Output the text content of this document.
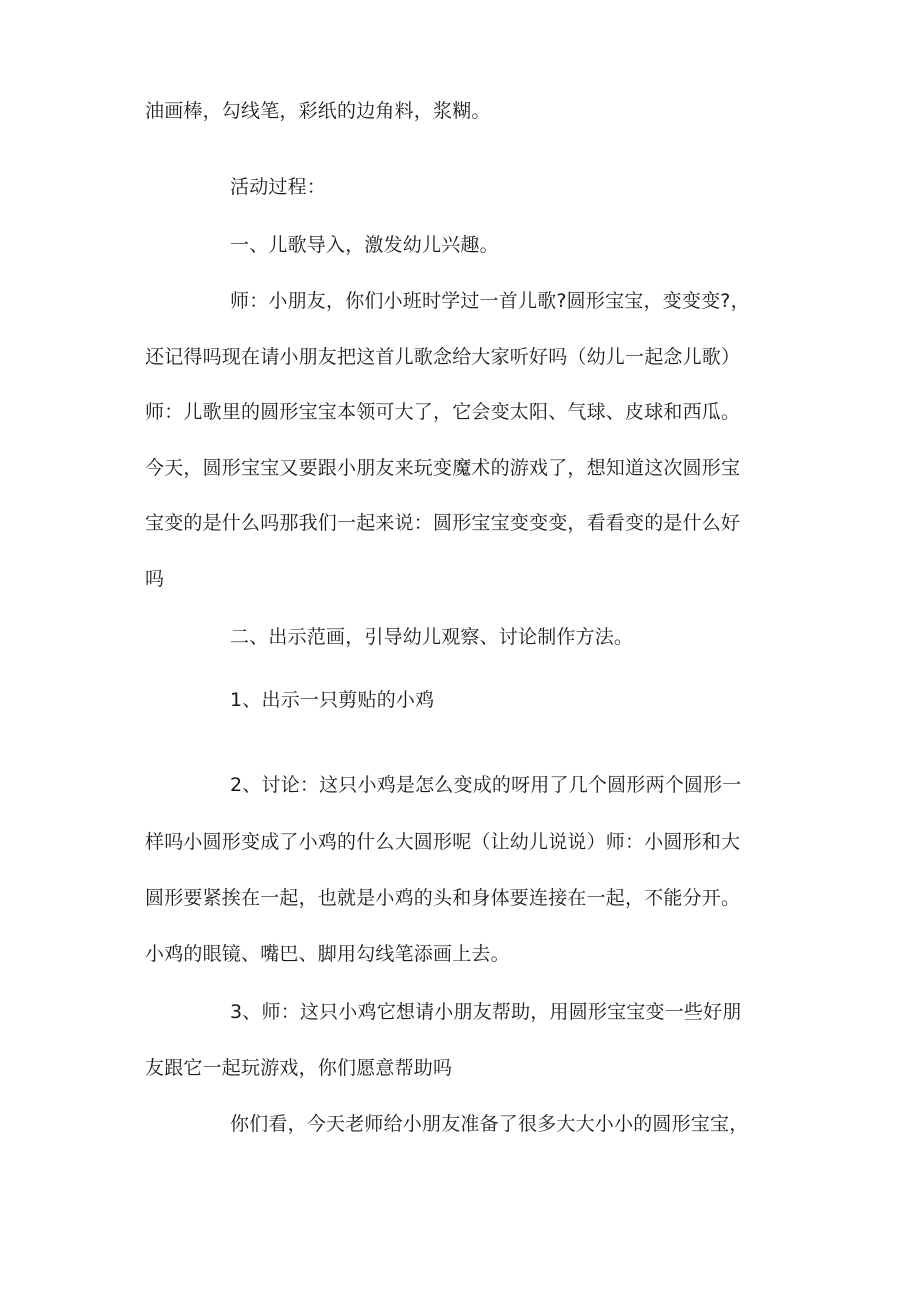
油画棒，勾线笔，彩纸的边角料，浆糊。
活动过程：
一、儿歌导入，激发幼儿兴趣。
师：小朋友，你们小班时学过一首儿歌?圆形宝宝，变变变?，
还记得吗现在请小朋友把这首儿歌念给大家听好吗（幼儿一起念儿歌）
师：儿歌里的圆形宝宝本领可大了，它会变太阳、气球、皮球和西瓜。
今天，圆形宝宝又要跟小朋友来玩变魔术的游戏了，想知道这次圆形宝
宝变的是什么吗那我们一起来说：圆形宝宝变变变，看看变的是什么好
吗
二、出示范画，引导幼儿观察、讨论制作方法。
1、出示一只剪贴的小鸡
2、讨论：这只小鸡是怎么变成的呀用了几个圆形两个圆形一
样吗小圆形变成了小鸡的什么大圆形呢（让幼儿说说）师：小圆形和大
圆形要紧挨在一起，也就是小鸡的头和身体要连接在一起，不能分开。
小鸡的眼镜、嘴巴、脚用勾线笔添画上去。
3、师：这只小鸡它想请小朋友帮助，用圆形宝宝变一些好朋
友跟它一起玩游戏，你们愿意帮助吗
你们看，今天老师给小朋友准备了很多大大小小的圆形宝宝，
